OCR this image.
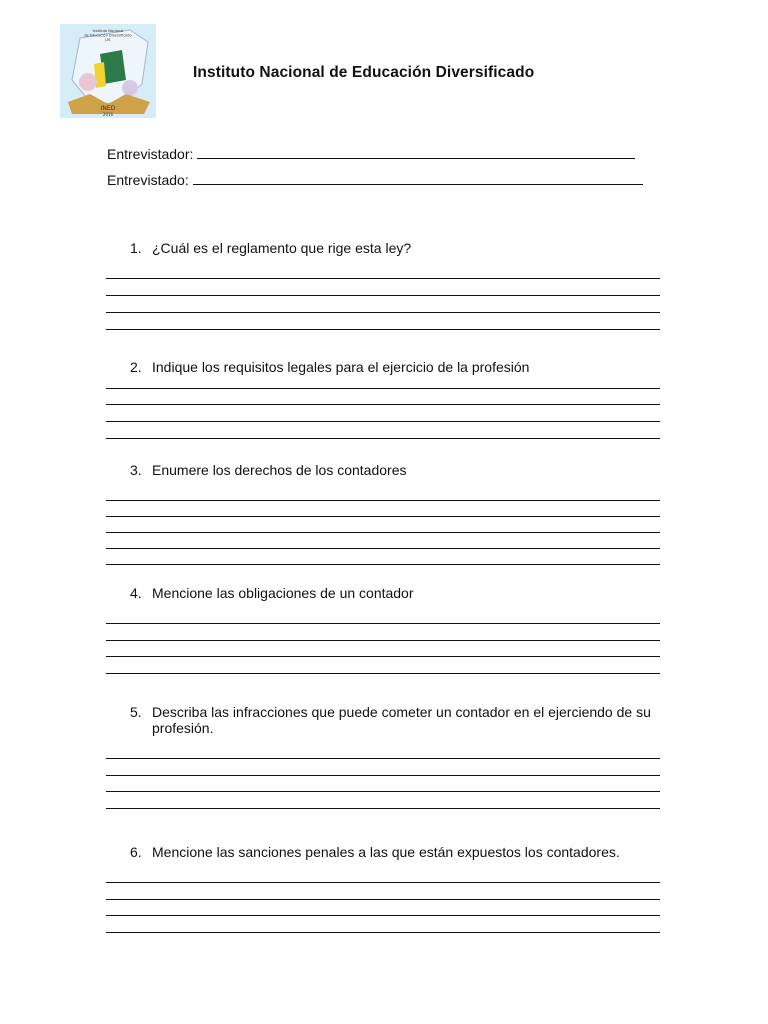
INED
2016
Instituto Nacional
de Educación Diversificado
J.M.
Instituto Nacional de Educación Diversificado
Entrevistador:
Entrevistado:
1. ¿Cuál es el reglamento que rige esta ley?
2. Indique los requisitos legales para el ejercicio de la profesión
3. Enumere los derechos de los contadores
4. Mencione las obligaciones de un contador
5. Describa las infracciones que puede cometer un contador en el ejerciendo de su profesión.
6. Mencione las sanciones penales a las que están expuestos los contadores.
